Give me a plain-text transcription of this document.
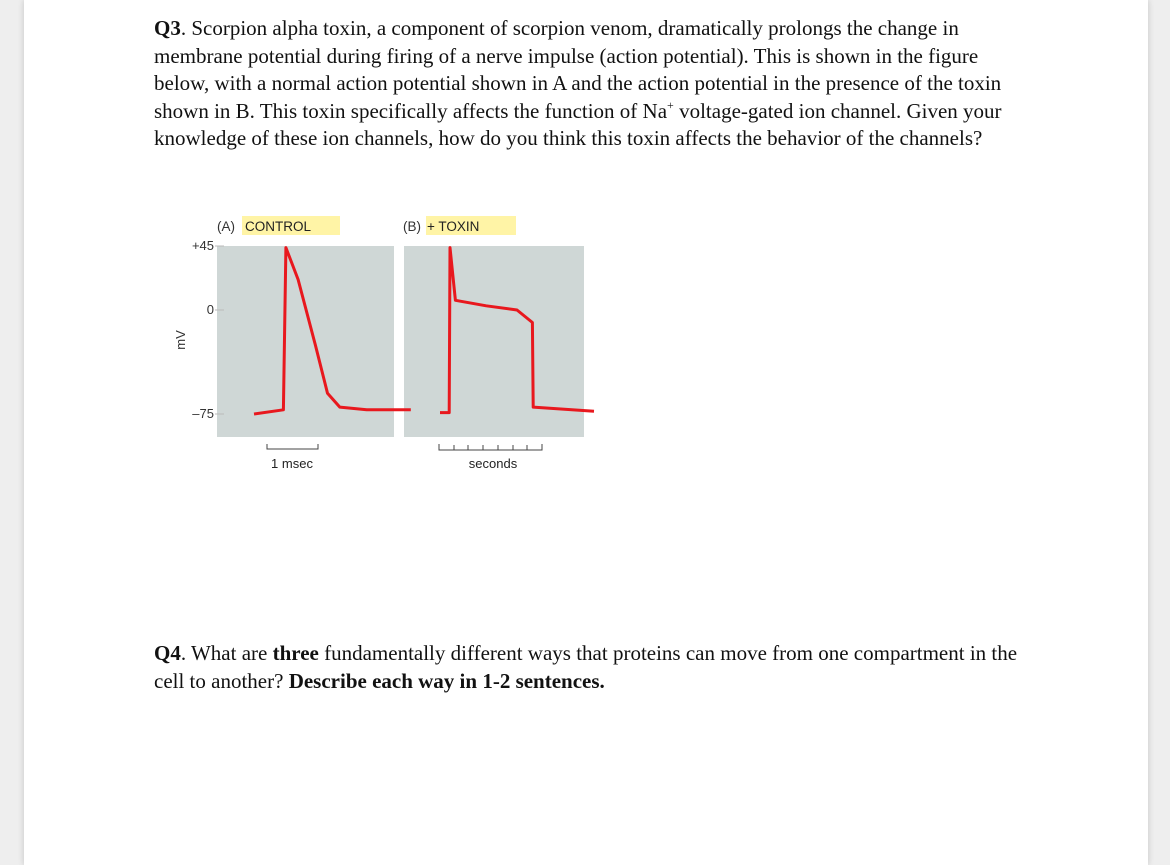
Q3. Scorpion alpha toxin, a component of scorpion venom, dramatically prolongs the change in membrane potential during firing of a nerve impulse (action potential). This is shown in the figure below, with a normal action potential shown in A and the action potential in the presence of the toxin shown in B. This toxin specifically affects the function of Na+ voltage-gated ion channel. Given your knowledge of these ion channels, how do you think this toxin affects the behavior of the channels?

(A) CONTROL	(B) + TOXIN
+45
0
–75
mV
1 msec	seconds

Q4. What are three fundamentally different ways that proteins can move from one compartment in the cell to another? Describe each way in 1-2 sentences.
